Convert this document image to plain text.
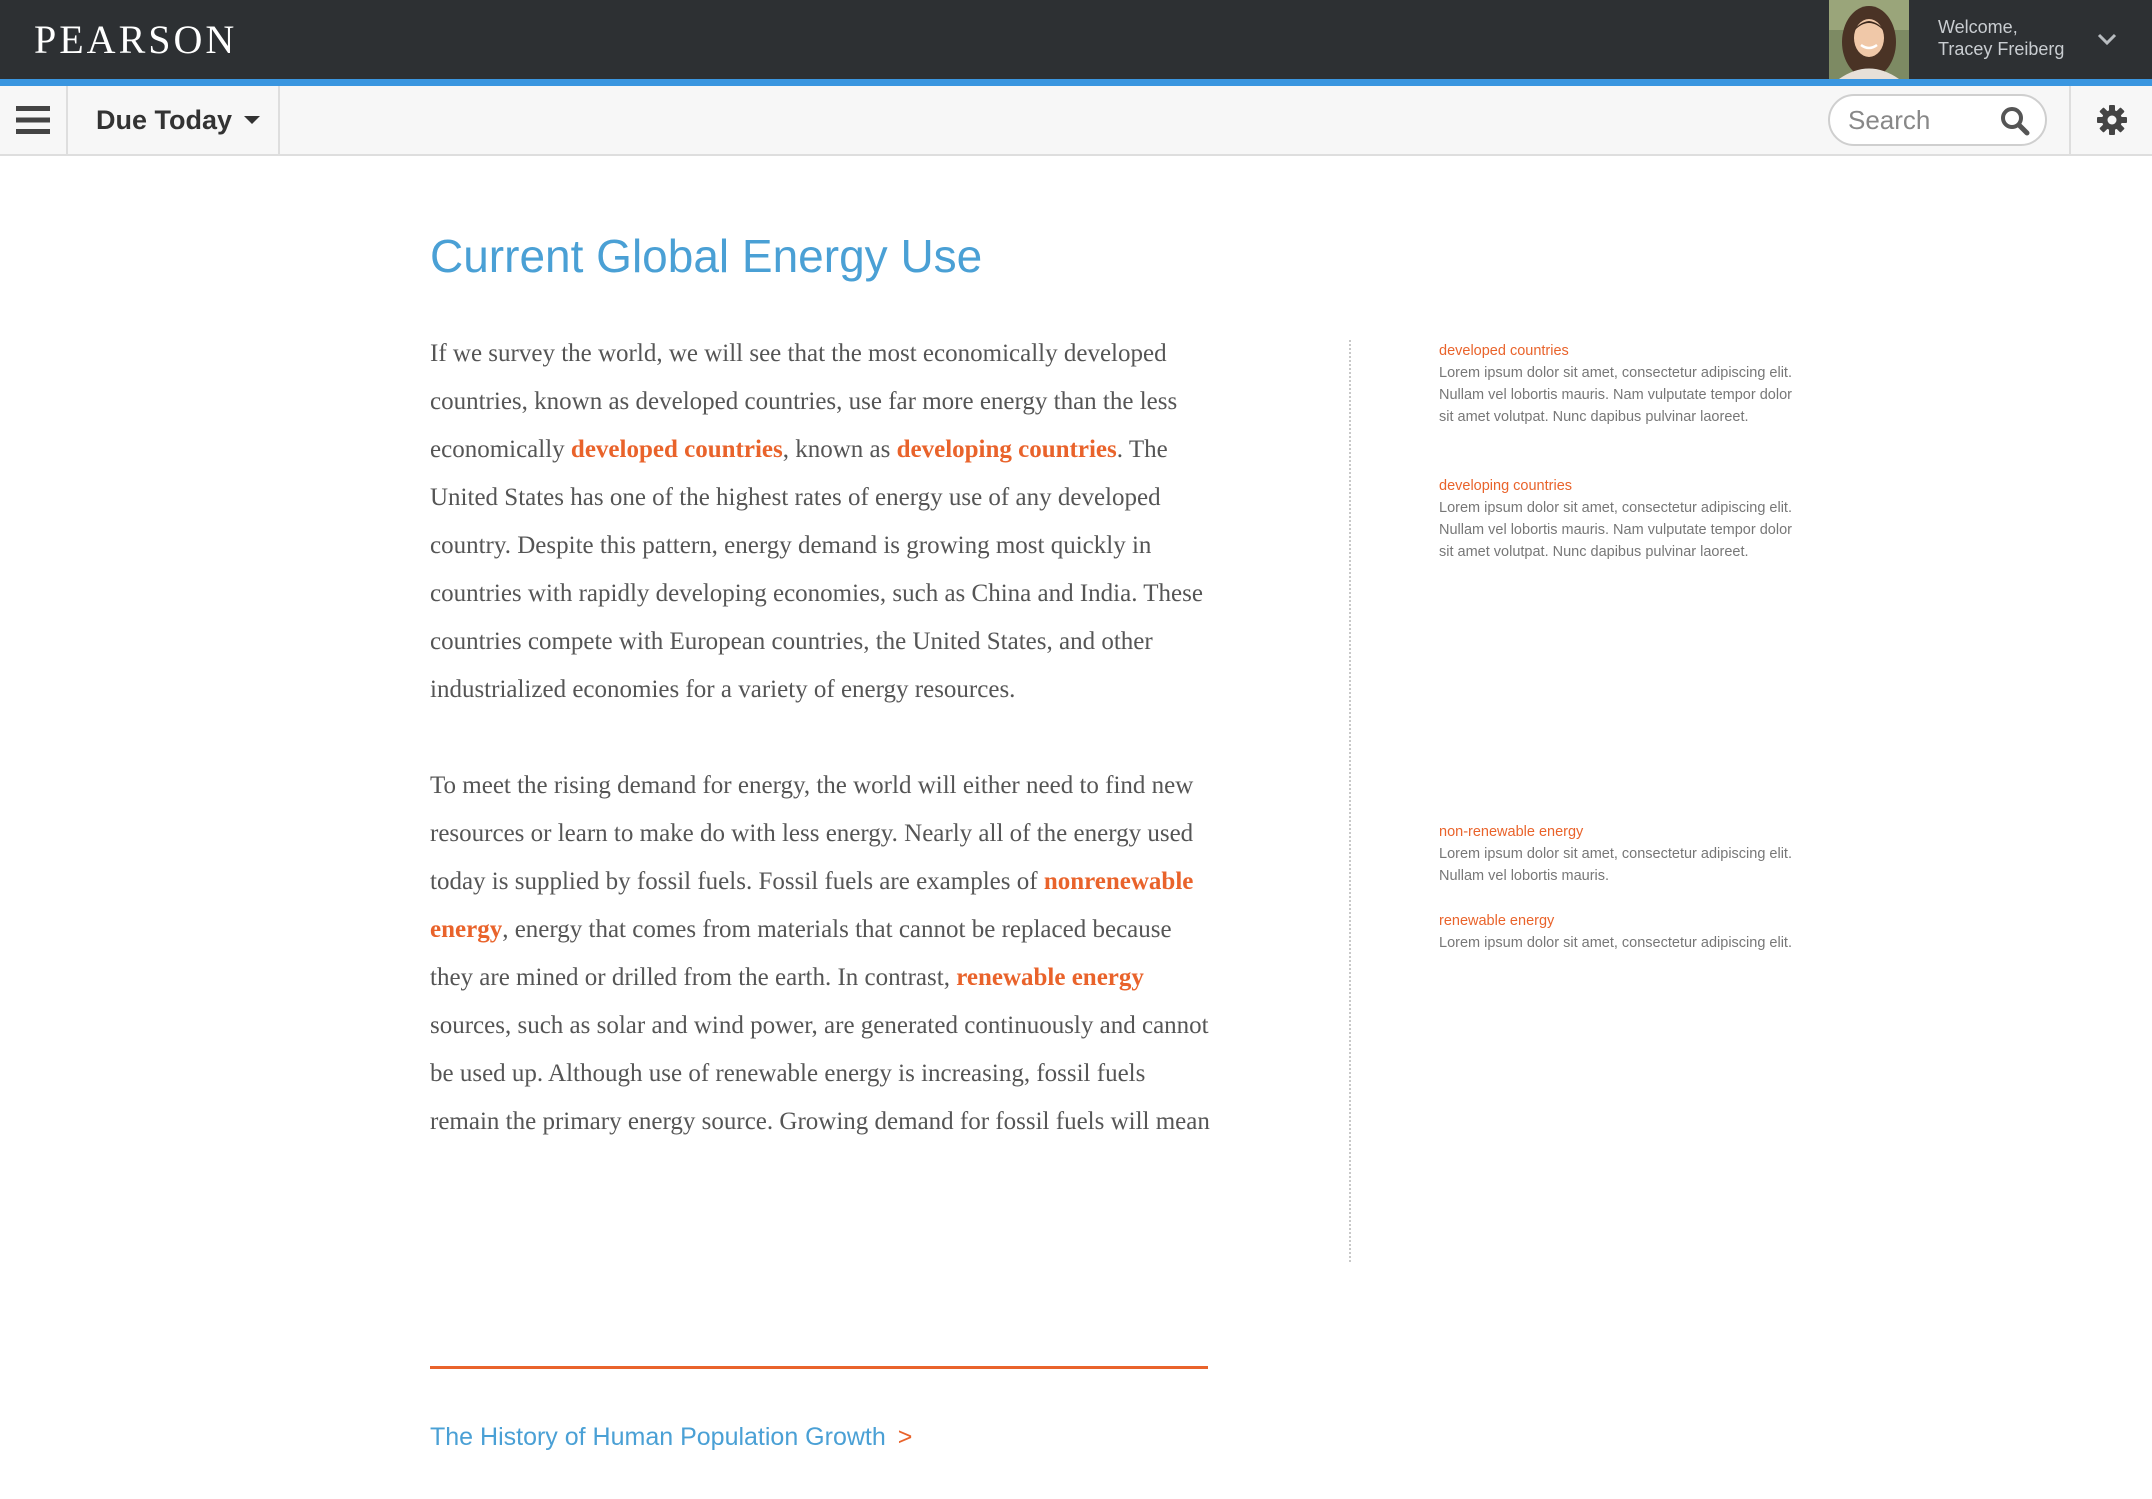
PEARSON	Welcome,
Tracey Freiberg
Due Today
Search
Current Global Energy Use

If we survey the world, we will see that the most economically developed countries, known as developed countries, use far more energy than the less economically developed countries, known as developing countries. The United States has one of the highest rates of energy use of any developed country. Despite this pattern, energy demand is growing most quickly in countries with rapidly developing economies, such as China and India. These countries compete with European countries, the United States, and other industrialized economies for a variety of energy resources.

To meet the rising demand for energy, the world will either need to find new resources or learn to make do with less energy. Nearly all of the energy used today is supplied by fossil fuels. Fossil fuels are examples of nonrenewable energy, energy that comes from materials that cannot be replaced because they are mined or drilled from the earth. In contrast, renewable energy sources, such as solar and wind power, are generated continuously and cannot be used up. Although use of renewable energy is increasing, fossil fuels remain the primary energy source. Growing demand for fossil fuels will mean

developed countries
Lorem ipsum dolor sit amet, consectetur adipiscing elit. Nullam vel lobortis mauris. Nam vulputate tempor dolor sit amet volutpat. Nunc dapibus pulvinar laoreet.
developing countries
Lorem ipsum dolor sit amet, consectetur adipiscing elit. Nullam vel lobortis mauris. Nam vulputate tempor dolor sit amet volutpat. Nunc dapibus pulvinar laoreet.
non-renewable energy
Lorem ipsum dolor sit amet, consectetur adipiscing elit. Nullam vel lobortis mauris.
renewable energy
Lorem ipsum dolor sit amet, consectetur adipiscing elit.
The History of Human Population Growth >
